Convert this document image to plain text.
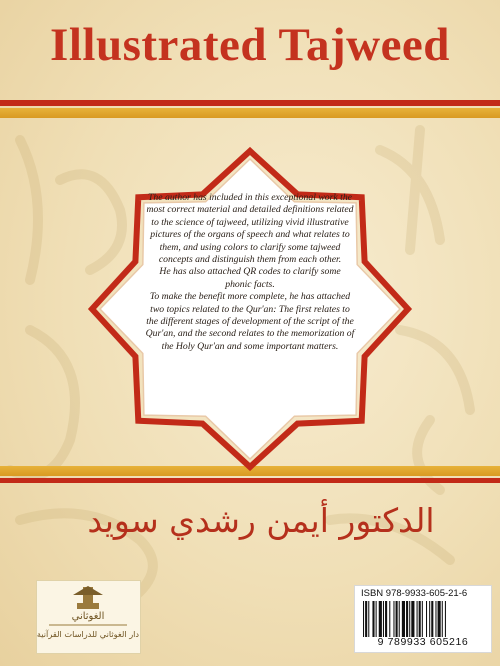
Illustrated Tajweed

The author has included in this exceptional work the most correct material and detailed definitions related to the science of tajweed, utilizing vivid illustrative pictures of the organs of speech and what relates to them, and using colors to clarify some tajweed concepts and distinguish them from each other.

He has also attached QR codes to clarify some phonic facts.

To make the benefit more complete, he has attached two topics related to the Qur'an: The first relates to the different stages of development of the script of the Qur'an, and the second relates to the memorization of the Holy Qur'an and some important matters.

الدكتور أيمن رشدي سويد
الغوثاني
دار الغوثاني للدراسات القرآنية
ISBN 978-9933-605-21-6
9 789933 605216
